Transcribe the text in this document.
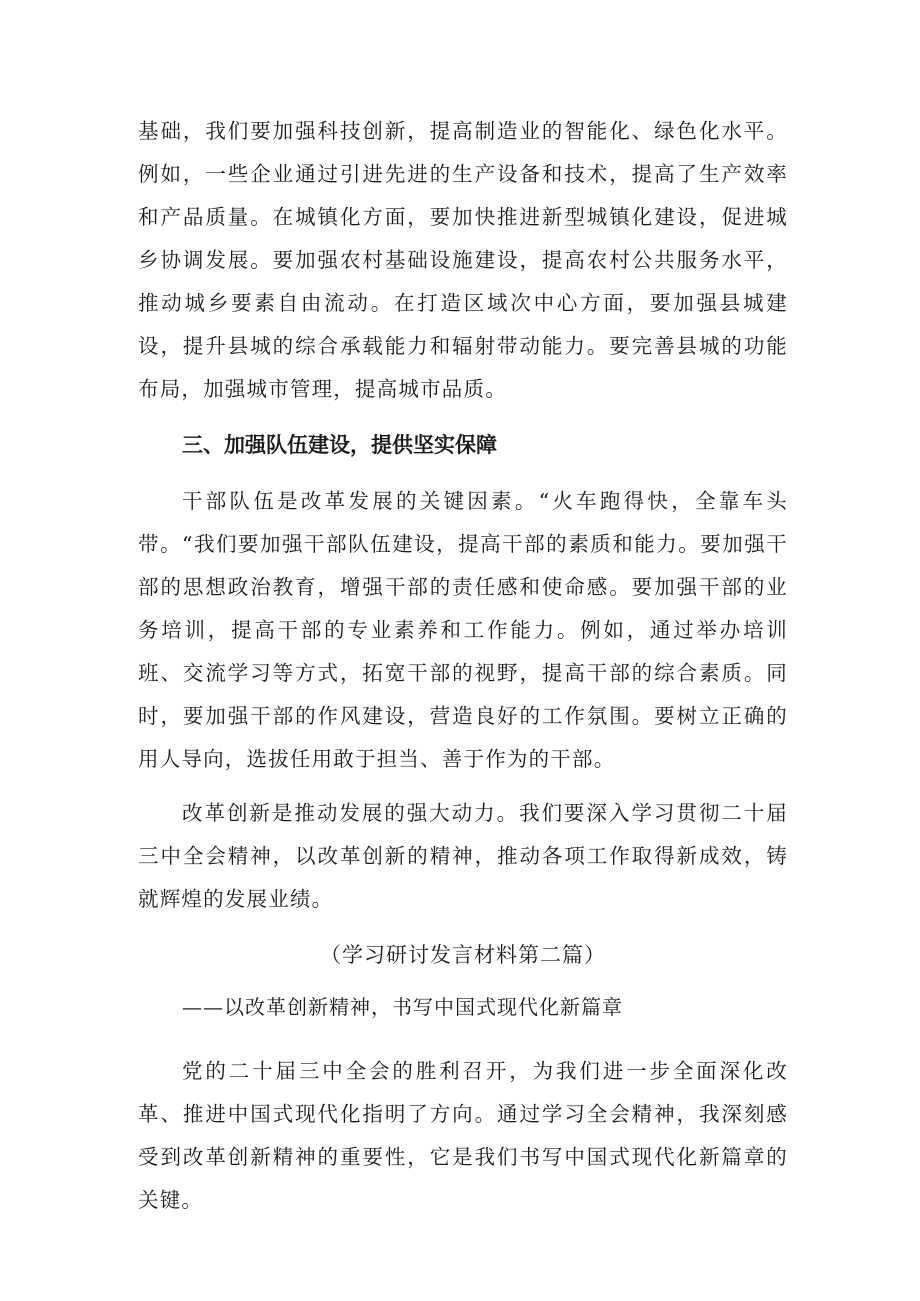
基础，我们要加强科技创新，提高制造业的智能化、绿色化水平。例如，一些企业通过引进先进的生产设备和技术，提高了生产效率和产品质量。在城镇化方面，要加快推进新型城镇化建设，促进城乡协调发展。要加强农村基础设施建设，提高农村公共服务水平，推动城乡要素自由流动。在打造区域次中心方面，要加强县城建设，提升县城的综合承载能力和辐射带动能力。要完善县城的功能布局，加强城市管理，提高城市品质。

三、加强队伍建设，提供坚实保障

干部队伍是改革发展的关键因素。“火车跑得快，全靠车头带。“我们要加强干部队伍建设，提高干部的素质和能力。要加强干部的思想政治教育，增强干部的责任感和使命感。要加强干部的业务培训，提高干部的专业素养和工作能力。例如，通过举办培训班、交流学习等方式，拓宽干部的视野，提高干部的综合素质。同时，要加强干部的作风建设，营造良好的工作氛围。要树立正确的用人导向，选拔任用敢于担当、善于作为的干部。

改革创新是推动发展的强大动力。我们要深入学习贯彻二十届三中全会精神，以改革创新的精神，推动各项工作取得新成效，铸就辉煌的发展业绩。

（学习研讨发言材料第二篇）

——以改革创新精神，书写中国式现代化新篇章

党的二十届三中全会的胜利召开，为我们进一步全面深化改革、推进中国式现代化指明了方向。通过学习全会精神，我深刻感受到改革创新精神的重要性，它是我们书写中国式现代化新篇章的关键。
